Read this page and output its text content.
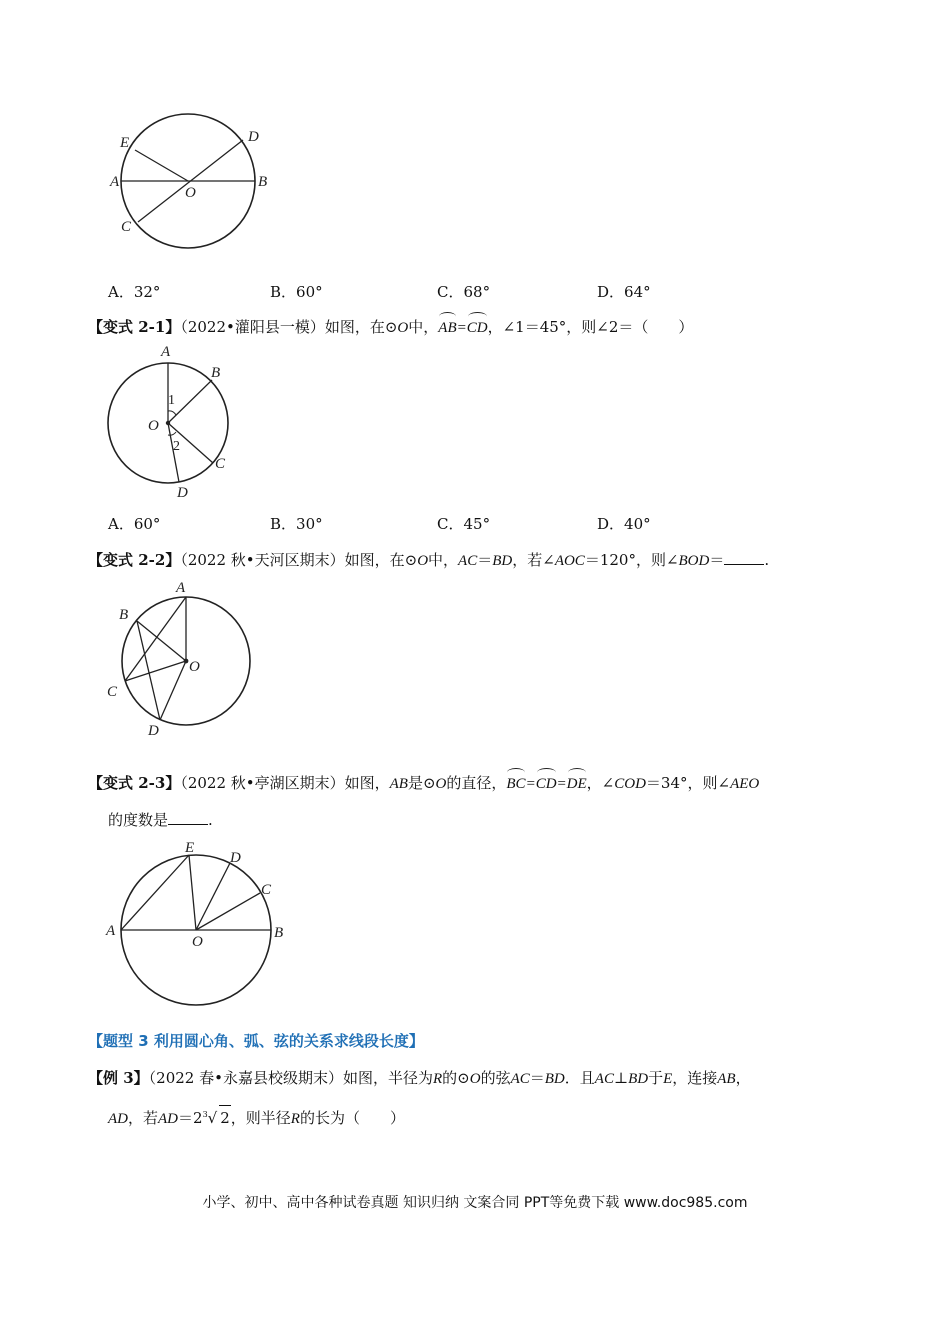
E	D
A
O
B
C
A．32°	B．60°	C．68°	D．64°
【变式 2-1】（2022•灌阳县一模）如图，在⊙O中，AB=CD，∠1＝45°，则∠2＝（　　）
A
B
O
1
2
C
D
A．60°	B．30°	C．45°	D．40°
【变式 2-2】（2022 秋•天河区期末）如图，在⊙O中，AC＝BD，若∠AOC＝120°，则∠BOD＝	.
A
B
O
C
D
【变式 2-3】（2022 秋•亭湖区期末）如图，AB是⊙O的直径，BC=CD=DE，∠COD＝34°，则∠AEO
的度数是	.
E
D
C
A
O
B
【题型 3 利用圆心角、弧、弦的关系求线段长度】
【例 3】（2022 春•永嘉县校级期末）如图，半径为R的⊙O的弦AC＝BD．且AC⊥BD于E，连接AB，
AD，若$AD=2^3√$ 2，则半径R的长为（　　）
小学、初中、高中各种试卷真题 知识归纳 文案合同 PPT等免费下载 www.doc985.com
